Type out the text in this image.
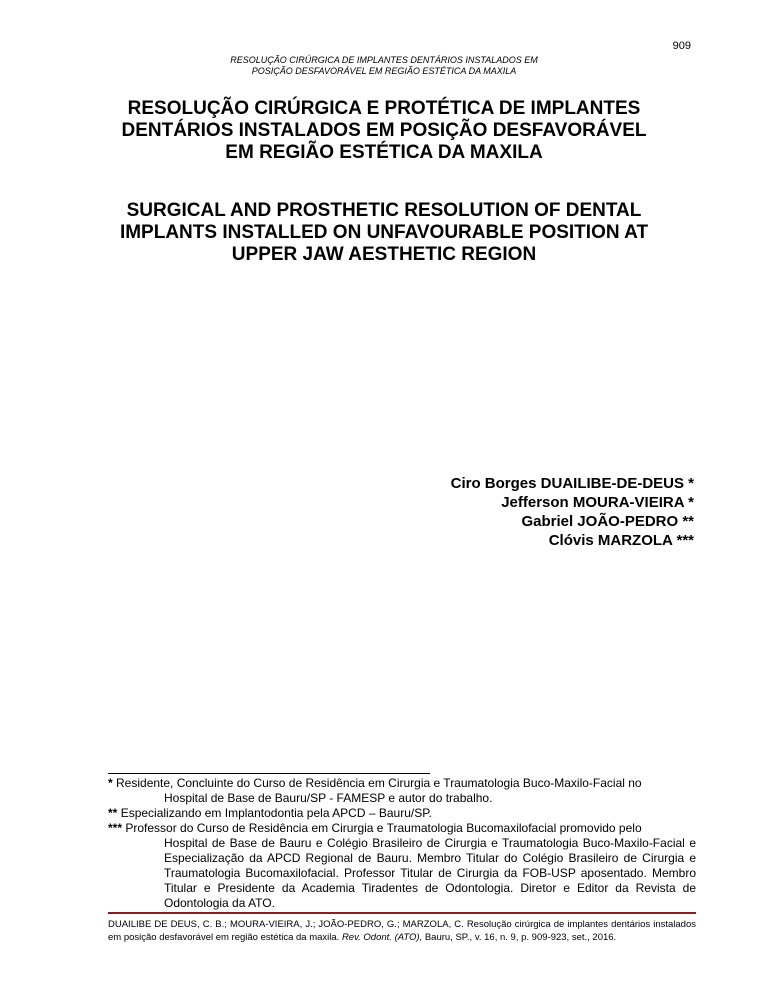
909
RESOLUÇÃO CIRÚRGICA DE IMPLANTES DENTÁRIOS INSTALADOS EM
POSIÇÃO DESFAVORÁVEL EM REGIÃO ESTÉTICA DA MAXILA
RESOLUÇÃO CIRÚRGICA E PROTÉTICA DE IMPLANTES
DENTÁRIOS INSTALADOS EM POSIÇÃO DESFAVORÁVEL
EM REGIÃO ESTÉTICA DA MAXILA
SURGICAL AND PROSTHETIC RESOLUTION OF DENTAL
IMPLANTS INSTALLED ON UNFAVOURABLE POSITION AT
UPPER JAW AESTHETIC REGION
Ciro Borges DUAILIBE-DE-DEUS *
Jefferson MOURA-VIEIRA *
Gabriel JOÃO-PEDRO **
Clóvis MARZOLA ***
* Residente, Concluinte do Curso de Residência em Cirurgia e Traumatologia Buco-Maxilo-Facial no
Hospital de Base de Bauru/SP - FAMESP e autor do trabalho.
** Especializando em Implantodontia pela APCD – Bauru/SP.
*** Professor do Curso de Residência em Cirurgia e Traumatologia Bucomaxilofacial promovido pelo
Hospital de Base de Bauru e Colégio Brasileiro de Cirurgia e Traumatologia Buco-Maxilo-Facial e Especialização da APCD Regional de Bauru. Membro Titular do Colégio Brasileiro de Cirurgia e Traumatologia Bucomaxilofacial. Professor Titular de Cirurgia da FOB-USP aposentado. Membro Titular e Presidente da Academia Tiradentes de Odontologia. Diretor e Editor da Revista de Odontologia da ATO.
DUAILIBE DE DEUS, C. B.; MOURA-VIEIRA, J.; JOÃO-PEDRO, G.; MARZOLA, C. Resolução cirúrgica de implantes dentários instalados em posição desfavorável em região estética da maxila. Rev. Odont. (ATO), Bauru, SP., v. 16, n. 9, p. 909-923, set., 2016.
